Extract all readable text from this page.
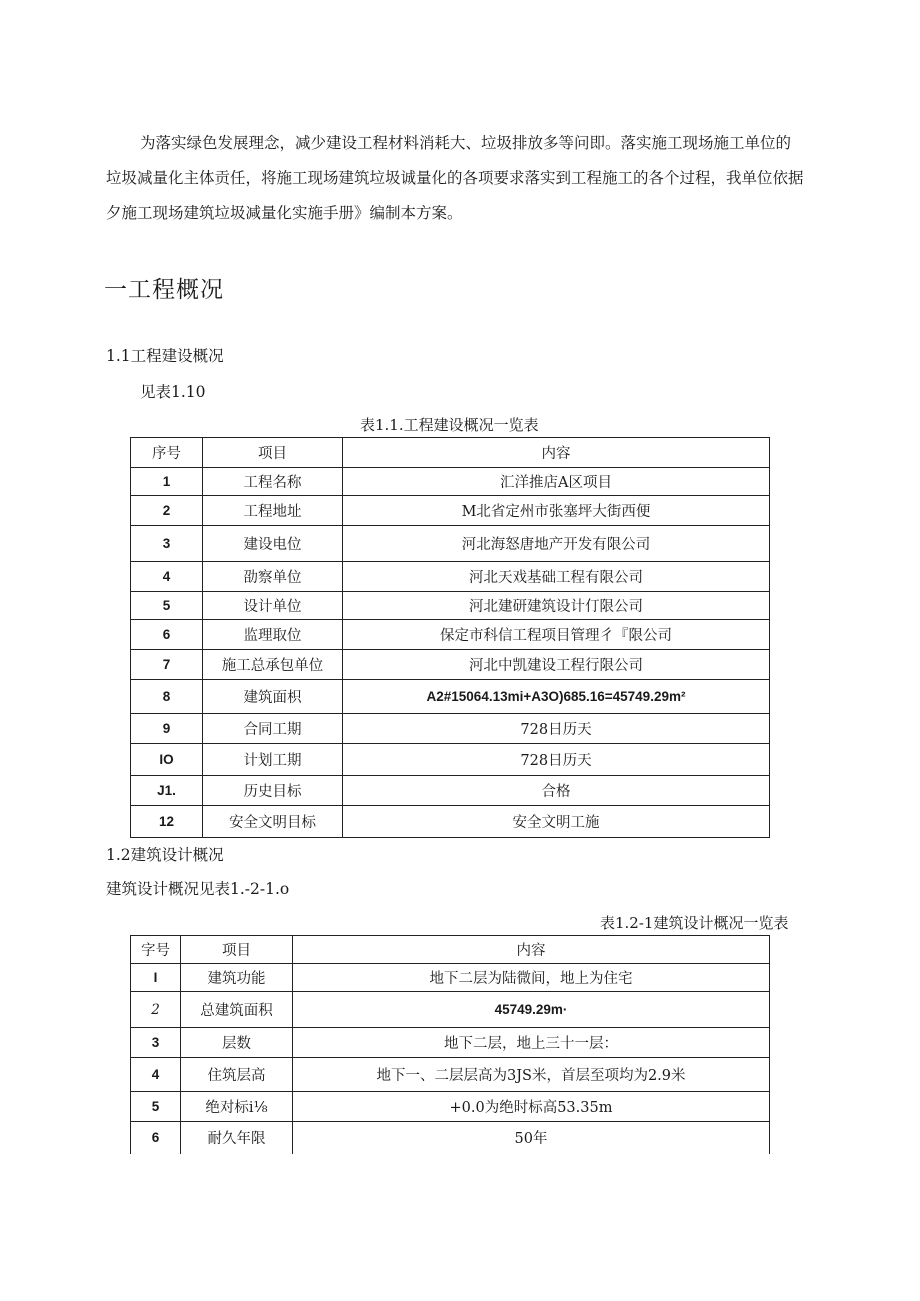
为落实绿色发展理念，减少建设工程材料消耗大、垃圾排放多等问即。落实施工现场施工单位的

垃圾减量化主体贡任，将施工现场建筑垃圾诚量化的各项要求落实到工程施工的各个过程，我单位依据

夕施工现场建筑垃圾减量化实施手册》编制本方案。

一工程概况
1.1工程建设概况
见表1.10
表1.1.工程建设概况一览表
序号	项目	内容
1	工程名称	汇洋推店A区项目
2	工程地址	M北省定州市张塞坪大街西便
3	建设电位	河北海怒唐地产开发有限公司
4	劭察单位	河北天戏基础工程有限公司
5	设计单位	河北建研建筑设计仃限公司
6	监理取位	保定市科信工程项目管理彳『限公司
7	施工总承包单位	河北中凯建设工程行限公司
8	建筑面枳	A2#15064.13mi+A3O)685.16=45749.29m²
9	合同工期	728日历天
IO	计划工期	728日历天
J1.	历史目标	合格
12	安全文明目标	安全文明工施
1.2建筑设计概况
建筑设计概况见表1.-2-1.o
表1.2-1建筑设计概况一览表
字号	项目	内容
I	建筑功能	地下二层为陆微间，地上为住宅
2	总建筑面积	45749.29m·
3	层数	地下二层，地上三十一层：
4	住筑层高	地下一、二层层高为3JS米，首层至项均为2.9米
5	绝对标i⅛	+0.0为绝时标高53.35m
6	耐久年限	50年
